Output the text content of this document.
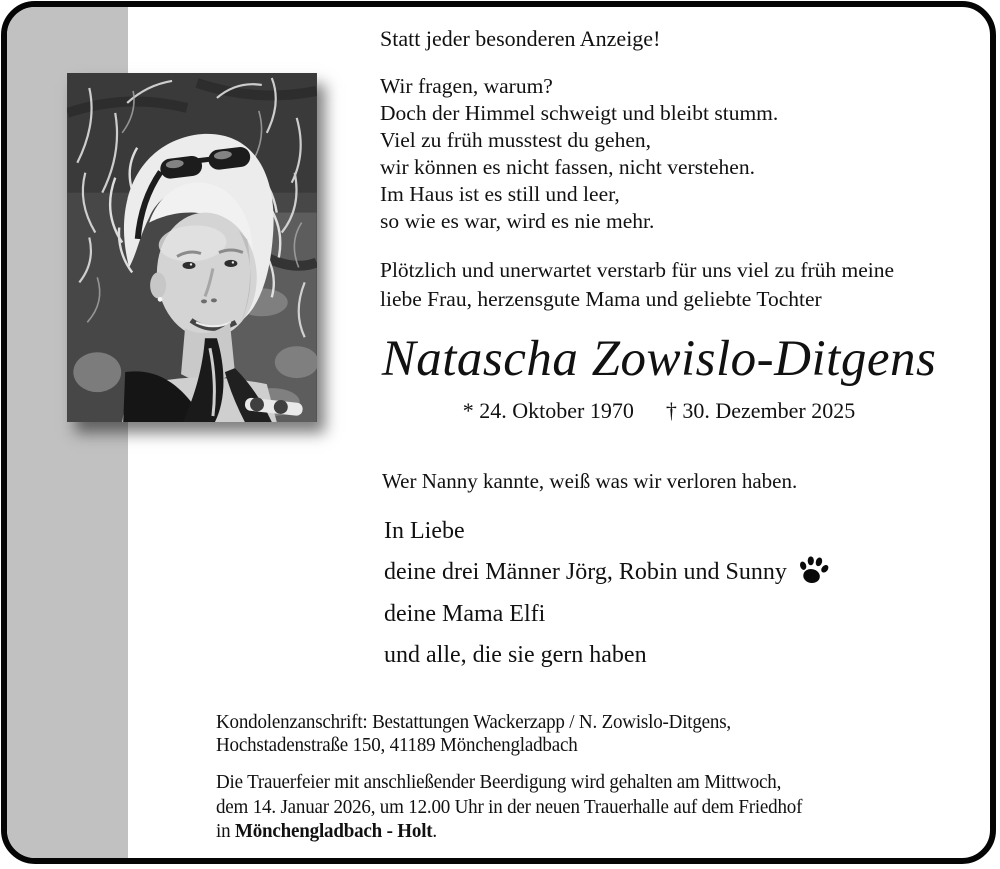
Statt jeder besonderen Anzeige!
Wir fragen, warum?
Doch der Himmel schweigt und bleibt stumm.
Viel zu früh musstest du gehen,
wir können es nicht fassen, nicht verstehen.
Im Haus ist es still und leer,
so wie es war, wird es nie mehr.
Plötzlich und unerwartet verstarb für uns viel zu früh meine
liebe Frau, herzensgute Mama und geliebte Tochter
Natascha Zowislo-Ditgens
* 24. Oktober 1970 † 30. Dezember 2025
Wer Nanny kannte, weiß was wir verloren haben.
In Liebe
deine drei Männer Jörg, Robin und Sunny
deine Mama Elfi
und alle, die sie gern haben
Kondolenzanschrift: Bestattungen Wackerzapp / N. Zowislo-Ditgens,
Hochstadenstraße 150, 41189 Mönchengladbach
Die Trauerfeier mit anschließender Beerdigung wird gehalten am Mittwoch,
dem 14. Januar 2026, um 12.00 Uhr in der neuen Trauerhalle auf dem Friedhof
in Mönchengladbach - Holt.
